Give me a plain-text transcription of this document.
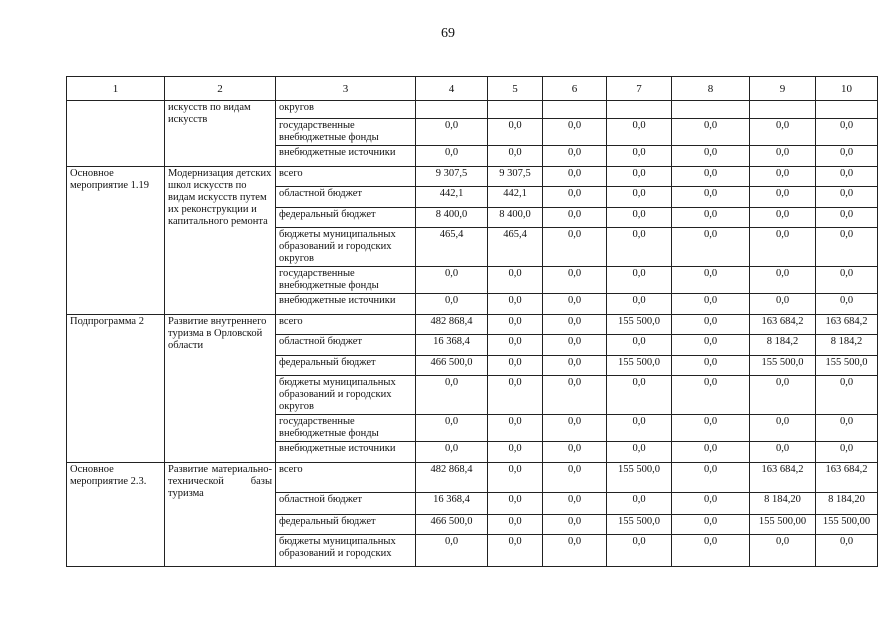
69
1	2	3	4	5	6	7	8	9	10
	искусств по видам искусств	округов							
		государственные внебюджетные фонды	0,0	0,0	0,0	0,0	0,0	0,0	0,0
		внебюджетные источники	0,0	0,0	0,0	0,0	0,0	0,0	0,0
Основное мероприятие 1.19	Модернизация детских школ искусств по видам искусств путем их реконструкции и капитального ремонта	всего	9 307,5	9 307,5	0,0	0,0	0,0	0,0	0,0
		областной бюджет	442,1	442,1	0,0	0,0	0,0	0,0	0,0
		федеральный бюджет	8 400,0	8 400,0	0,0	0,0	0,0	0,0	0,0
		бюджеты муниципальных образований и городских округов	465,4	465,4	0,0	0,0	0,0	0,0	0,0
		государственные внебюджетные фонды	0,0	0,0	0,0	0,0	0,0	0,0	0,0
		внебюджетные источники	0,0	0,0	0,0	0,0	0,0	0,0	0,0
Подпрограмма 2	Развитие внутреннего туризма в Орловской области	всего	482 868,4	0,0	0,0	155 500,0	0,0	163 684,2	163 684,2
		областной бюджет	16 368,4	0,0	0,0	0,0	0,0	8 184,2	8 184,2
		федеральный бюджет	466 500,0	0,0	0,0	155 500,0	0,0	155 500,0	155 500,0
		бюджеты муниципальных образований и городских округов	0,0	0,0	0,0	0,0	0,0	0,0	0,0
		государственные внебюджетные фонды	0,0	0,0	0,0	0,0	0,0	0,0	0,0
		внебюджетные источники	0,0	0,0	0,0	0,0	0,0	0,0	0,0
Основное мероприятие 2.3.	Развитие материально-технической базы туризма	всего	482 868,4	0,0	0,0	155 500,0	0,0	163 684,2	163 684,2
		областной бюджет	16 368,4	0,0	0,0	0,0	0,0	8 184,20	8 184,20
		федеральный бюджет	466 500,0	0,0	0,0	155 500,0	0,0	155 500,00	155 500,00
		бюджеты муниципальных образований и городских	0,0	0,0	0,0	0,0	0,0	0,0	0,0
